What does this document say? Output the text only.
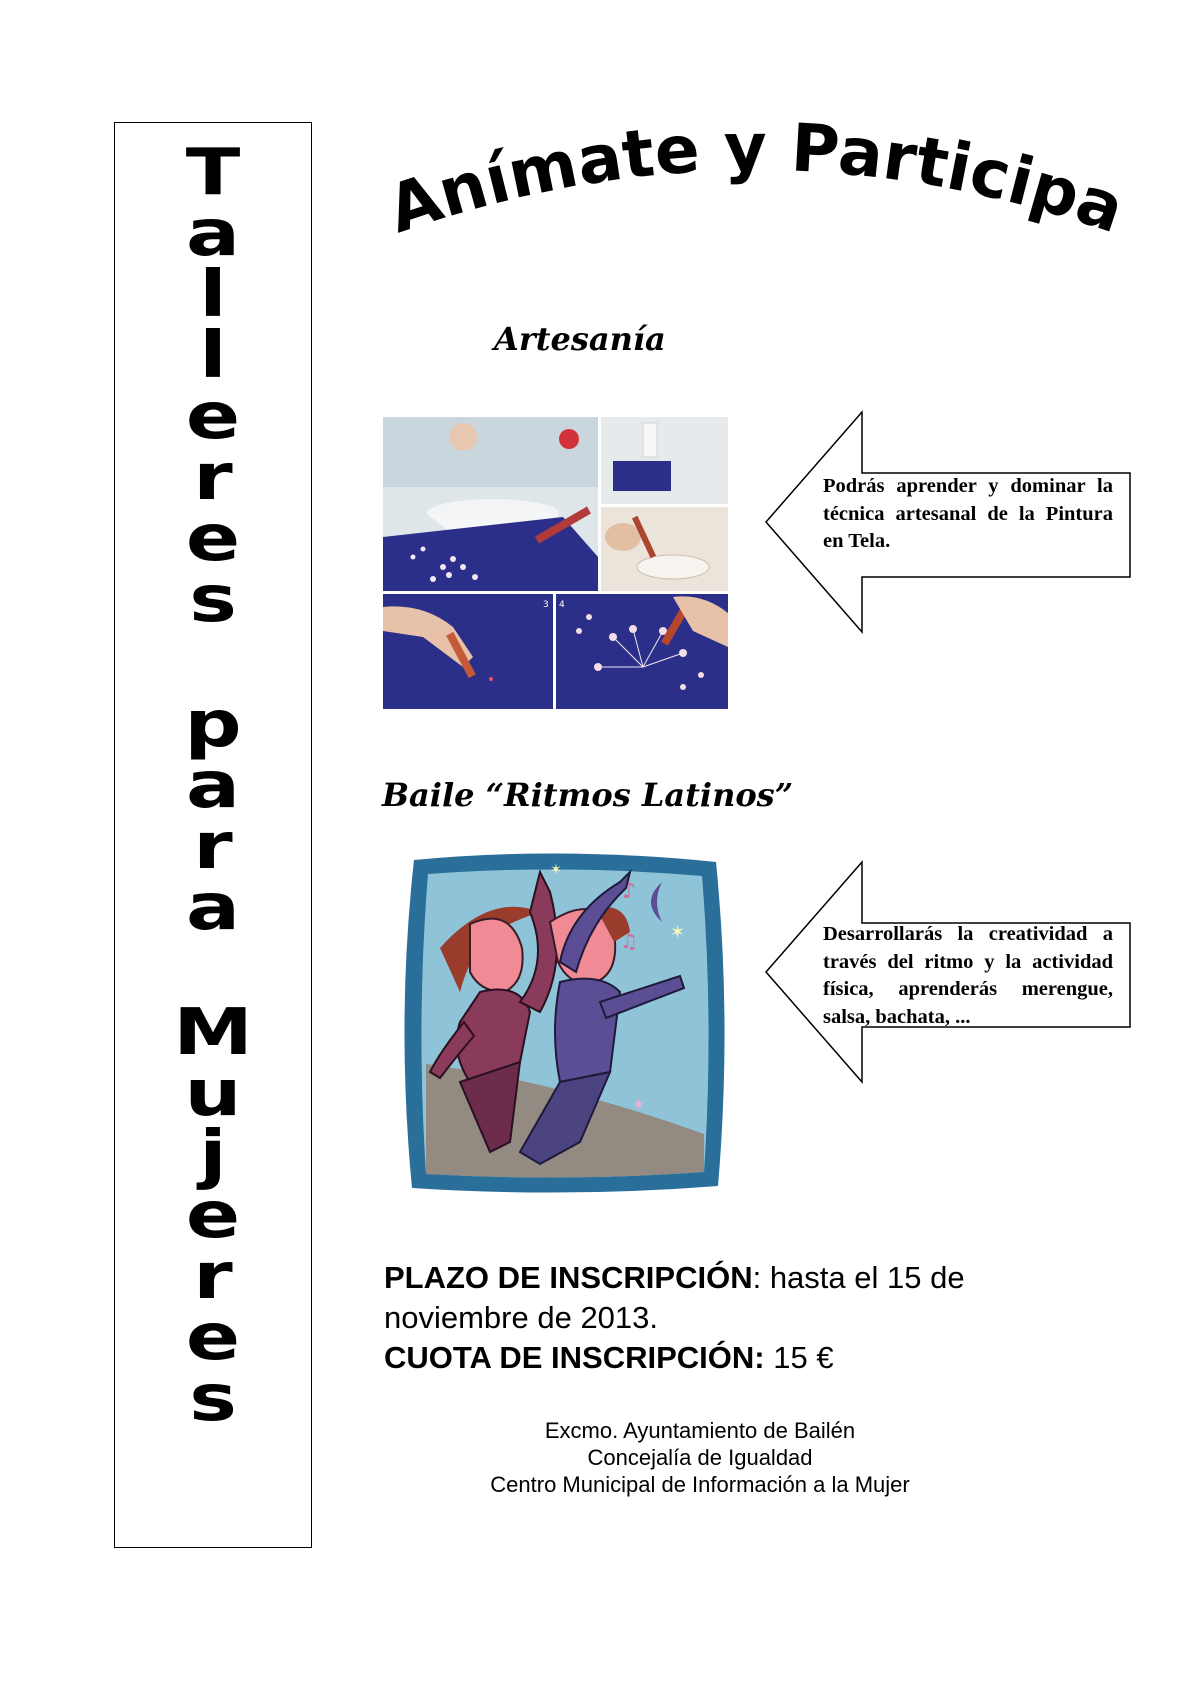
T
a
l
l
e
r
e
s
p
a
r
a
M
u
j
e
r
e
s
Anímate y Participa
Artesanía
3 4
Podrás aprender y dominar la técnica artesanal de la Pintura en Tela.
Baile “Ritmos Latinos”
♪
♫ ✶
✶
✶
Desarrollarás la creatividad a través del ritmo y la actividad física, aprenderás merengue, salsa, bachata, ...
PLAZO DE INSCRIPCIÓN: hasta el 15 de noviembre de 2013.
CUOTA DE INSCRIPCIÓN: 15 €
Excmo. Ayuntamiento de Bailén
Concejalía de Igualdad
Centro Municipal de Información a la Mujer
